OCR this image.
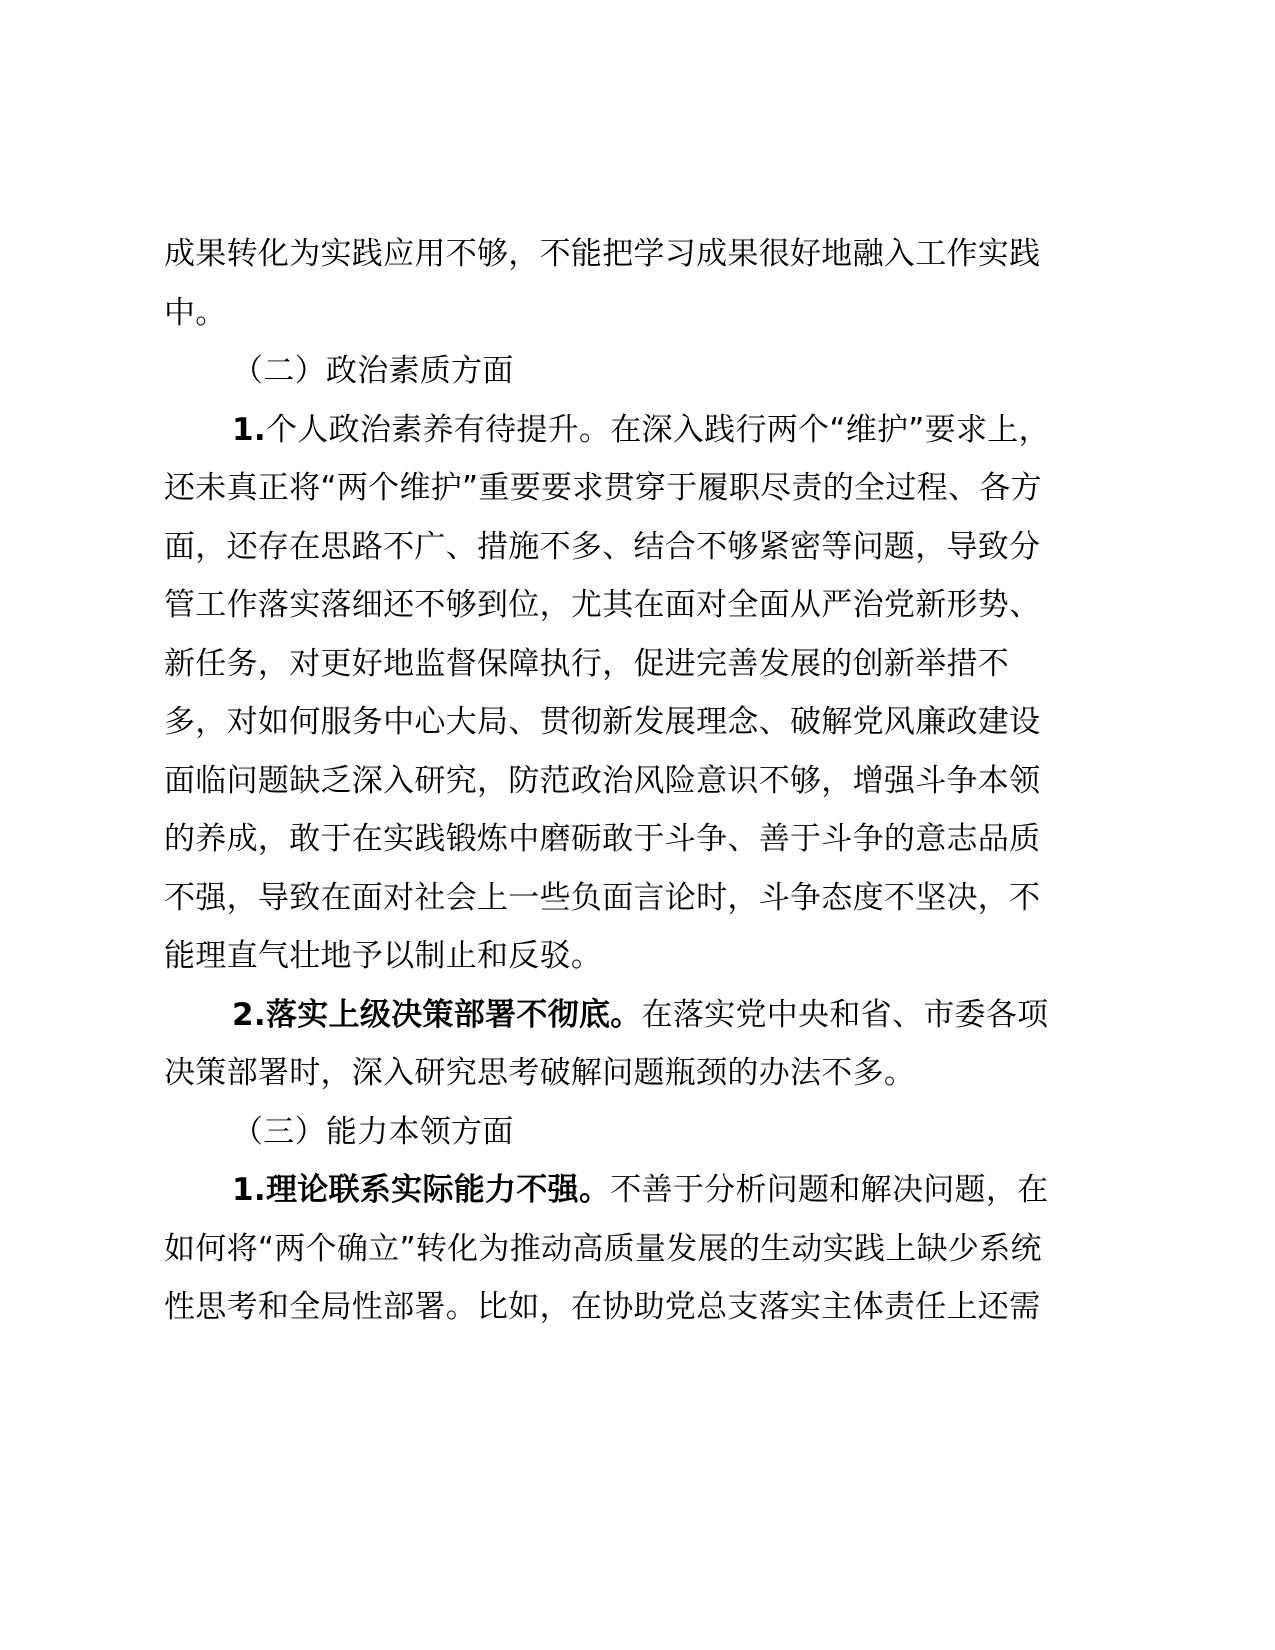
成果转化为实践应用不够，不能把学习成果很好地融入工作实践
中。
（二）政治素质方面
1.个人政治素养有待提升。在深入践行两个“维护”要求上，
还未真正将“两个维护”重要要求贯穿于履职尽责的全过程、各方
面，还存在思路不广、措施不多、结合不够紧密等问题，导致分
管工作落实落细还不够到位，尤其在面对全面从严治党新形势、
新任务，对更好地监督保障执行，促进完善发展的创新举措不
多，对如何服务中心大局、贯彻新发展理念、破解党风廉政建设
面临问题缺乏深入研究，防范政治风险意识不够，增强斗争本领
的养成，敢于在实践锻炼中磨砺敢于斗争、善于斗争的意志品质
不强，导致在面对社会上一些负面言论时，斗争态度不坚决，不
能理直气壮地予以制止和反驳。
2.落实上级决策部署不彻底。在落实党中央和省、市委各项
决策部署时，深入研究思考破解问题瓶颈的办法不多。
（三）能力本领方面
1.理论联系实际能力不强。不善于分析问题和解决问题，在
如何将“两个确立”转化为推动高质量发展的生动实践上缺少系统
性思考和全局性部署。比如，在协助党总支落实主体责任上还需
